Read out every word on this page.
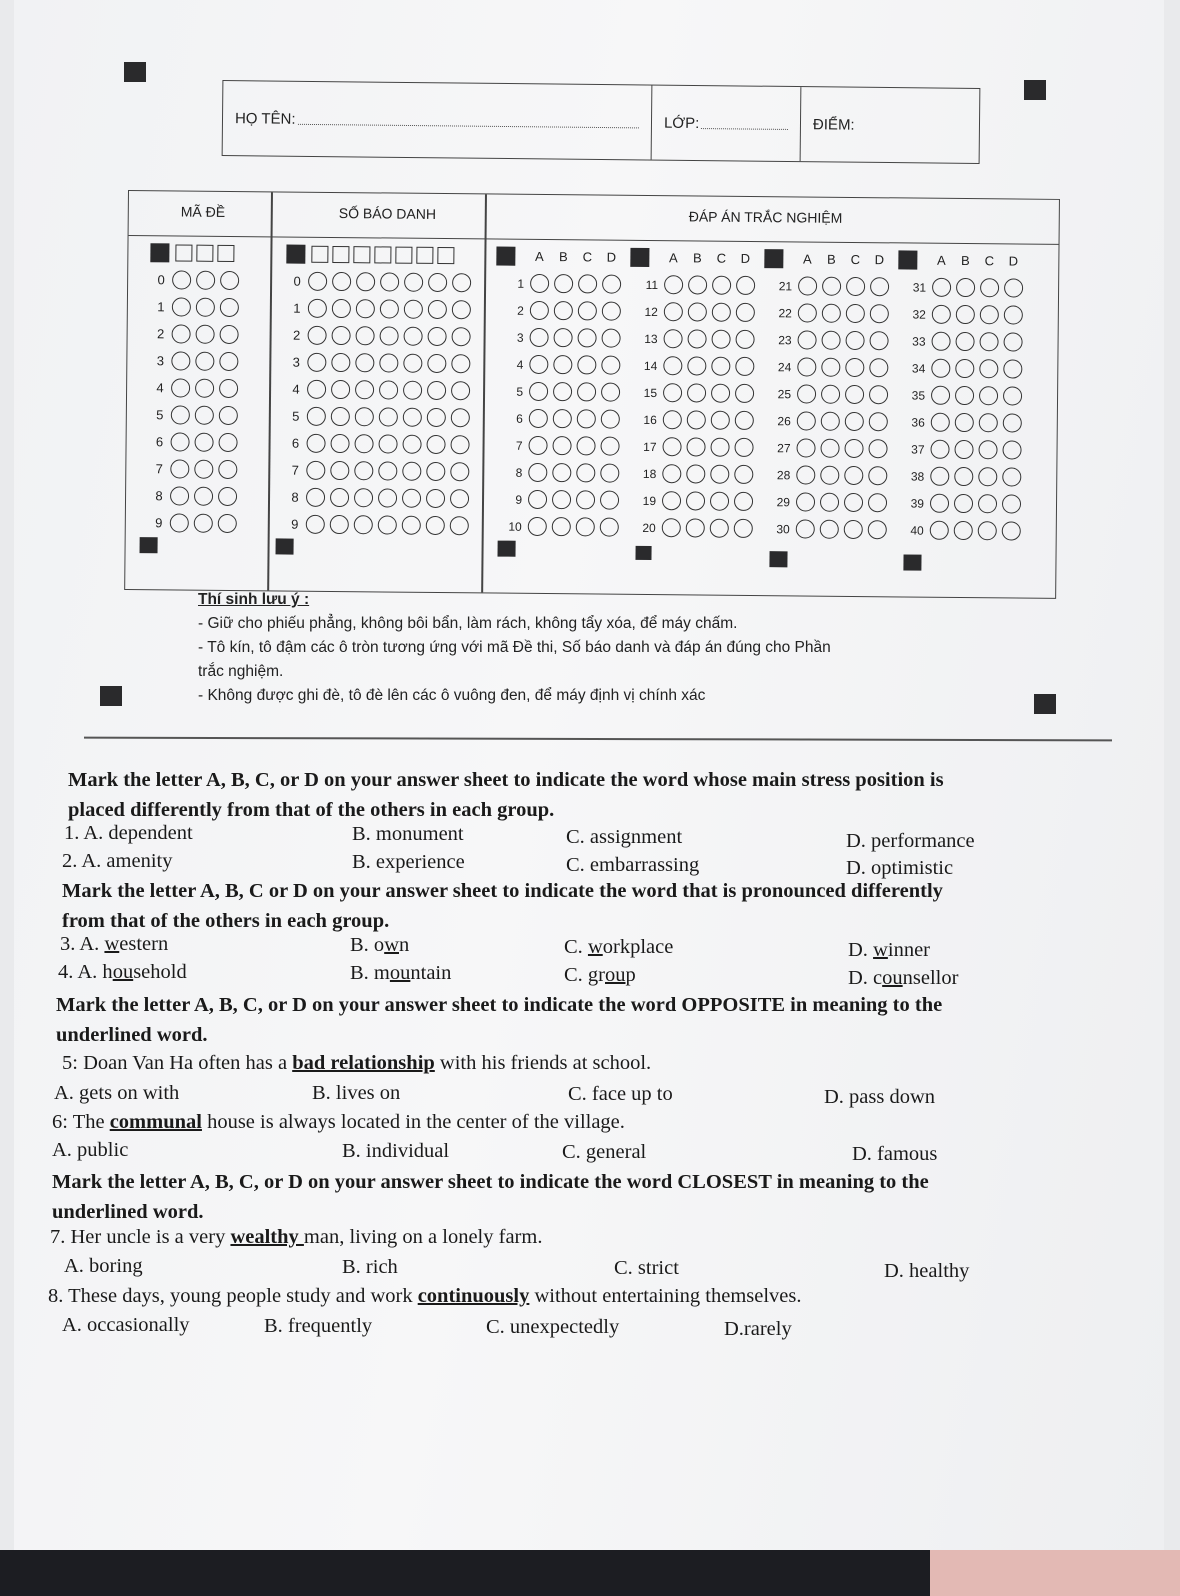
HỌ TÊN:	LỚP:	ĐIỂM:
MÃ ĐỀ	SỐ BÁO DANH	ĐÁP ÁN TRẮC NGHIỆM
0
1
2
3
4
5
6
7
8
9
0
1
2
3
4
5
6
7
8
9
A	B	C	D
1
2
3
4
5
6
7
8
9
10
A	B	C	D
11
12
13
14
15
16
17
18
19
20
A	B	C	D
21
22
23
24
25
26
27
28
29
30
A	B	C	D
31
32
33
34
35
36
37
38
39
40
Thí sinh lưu ý :
- Giữ cho phiếu phẳng, không bôi bẩn, làm rách, không tẩy xóa, để máy chấm.
- Tô kín, tô đậm các ô tròn tương ứng với mã Đề thi, Số báo danh và đáp án đúng cho Phần
trắc nghiệm.
- Không được ghi đè, tô đè lên các ô vuông đen, để máy định vị chính xác
Mark the letter A, B, C, or D on your answer sheet to indicate the word whose main stress position is
placed differently from that of the others in each group.
1. A. dependent	B. monument	C. assignment	D. performance
2. A. amenity	B. experience	C. embarrassing	D. optimistic
Mark the letter A, B, C or D on your answer sheet to indicate the word that is pronounced differently
from that of the others in each group.
3. A. western	B. own	C. workplace	D. winner
4. A. household	B. mountain	C. group	D. counsellor
Mark the letter A, B, C, or D on your answer sheet to indicate the word OPPOSITE in meaning to the
underlined word.
5: Doan Van Ha often has a bad relationship with his friends at school.
A. gets on with	B. lives on	C. face up to	D. pass down
6: The communal house is always located in the center of the village.
A. public	B. individual	C. general	D. famous
Mark the letter A, B, C, or D on your answer sheet to indicate the word CLOSEST in meaning to the
underlined word.
7. Her uncle is a very wealthy man, living on a lonely farm.
A. boring	B. rich	C. strict	D. healthy
8. These days, young people study and work continuously without entertaining themselves.
A. occasionally	B. frequently	C. unexpectedly	D.rarely
